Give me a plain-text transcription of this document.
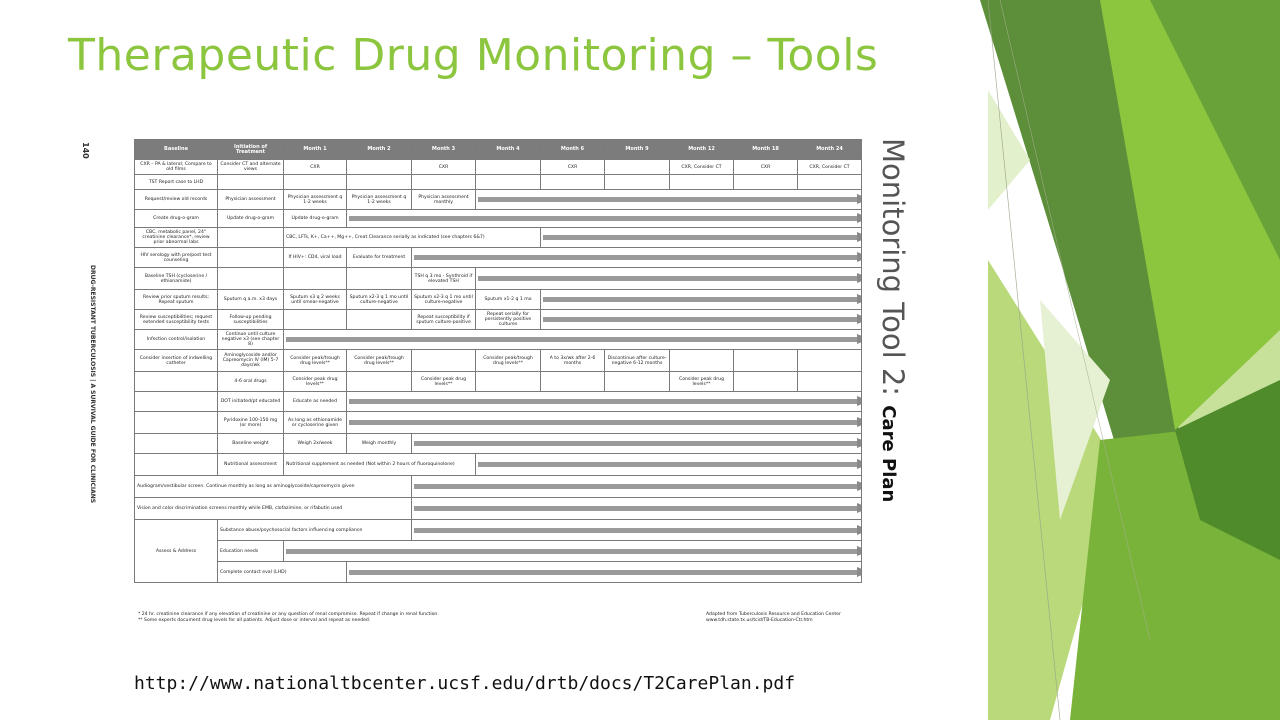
Therapeutic Drug Monitoring – Tools
140
DRUG-RESISTANT TUBERCULOSIS | A SURVIVAL GUIDE FOR CLINICIANS	Monitoring Tool 2: Care Plan
Baseline	Initiation of Treatment	Month 1	Month 2	Month 3	Month 4	Month 6	Month 9	Month 12	Month 18	Month 24
CXR – PA & lateral; Compare to old films	Consider CT and alternate views	CXR		CXR		CXR		CXR, Consider CT	CXR	CXR, Consider CT
TST Report case to LHD										
Request/review old records	Physician assessment	Physician assessment q 1-2 weeks	Physician assessment q 1-2 weeks	Physician assessment monthly						

Create drug-o-gram	Update drug-o-gram	Update drug-o-gram								

CBC, metabolic panel, 24° creatinine clearance*, review prior abnormal labs		CBC, LFTs, K+, Ca++, Mg++, Creat Clearance serially as indicated (see chapters 6&7)								

HIV serology with pre/post test counseling		If HIV+: CD4, viral load	Evaluate for treatment							

Baseline TSH (cycloserine / ethionamide)				TSH q 3 mo - Synthroid if elevated TSH						

Review prior sputum results; Repeat sputum	Sputum q a.m. x3 days	Sputum x3 q 2 weeks until smear-negative	Sputum x2-3 q 1 mo until culture-negative	Sputum x2-3 q 1 mo until culture-negative	Sputum x1-2 q 1 mo					

Review susceptibilities; request extended susceptibility tests	Follow-up pending susceptibilities			Repeat susceptibility if sputum culture-positive	Repeat serially for persistently positive cultures					

Infection control/isolation	Continue until culture negative x3 (see chapter 8)									

Consider insertion of indwelling catheter	Aminoglycoside and/or Capreomycin IV (IM) 5-7 days/wk	Consider peak/trough drug levels**	Consider peak/trough drug levels**		Consider peak/trough drug levels**	A to 3x/wk after 2-6 months	Discontinue after culture-negative 6-12 months			
	4-6 oral drugs	Consider peak drug levels**		Consider peak drug levels**				Consider peak drug levels**		
	DOT initiated/pt educated	Educate as needed								

	Pyridoxine 100-150 mg (or more)	As long as ethionamide or cycloserine given								

	Baseline weight	Weigh 2x/week	Weigh monthly							

	Nutritional assessment	Nutritional supplement as needed (Not within 2 hours of fluoroquinolone)								

Audiogram/vestibular screen. Continue monthly as long as aminoglycoside/capreomycin given										

Vision and color discrimination screens monthly while EMB, clofazimine, or rifabutin used										

Assess & Address	Substance abuse/psychosocial factors influencing compliance									

	Education needs									

	Complete contact eval (LHD)									
* 24 hr. creatinine clearance if any elevation of creatinine or any question of renal compromise. Repeat if change in renal function.
** Some experts document drug levels for all patients. Adjust dose or interval and repeat as needed.
Adapted from Tuberculosis Resource and Education Center
www.tdh.state.tx.us/tcid/TB-Education-Ctr.htm
http://www.nationaltbcenter.ucsf.edu/drtb/docs/T2CarePlan.pdf
